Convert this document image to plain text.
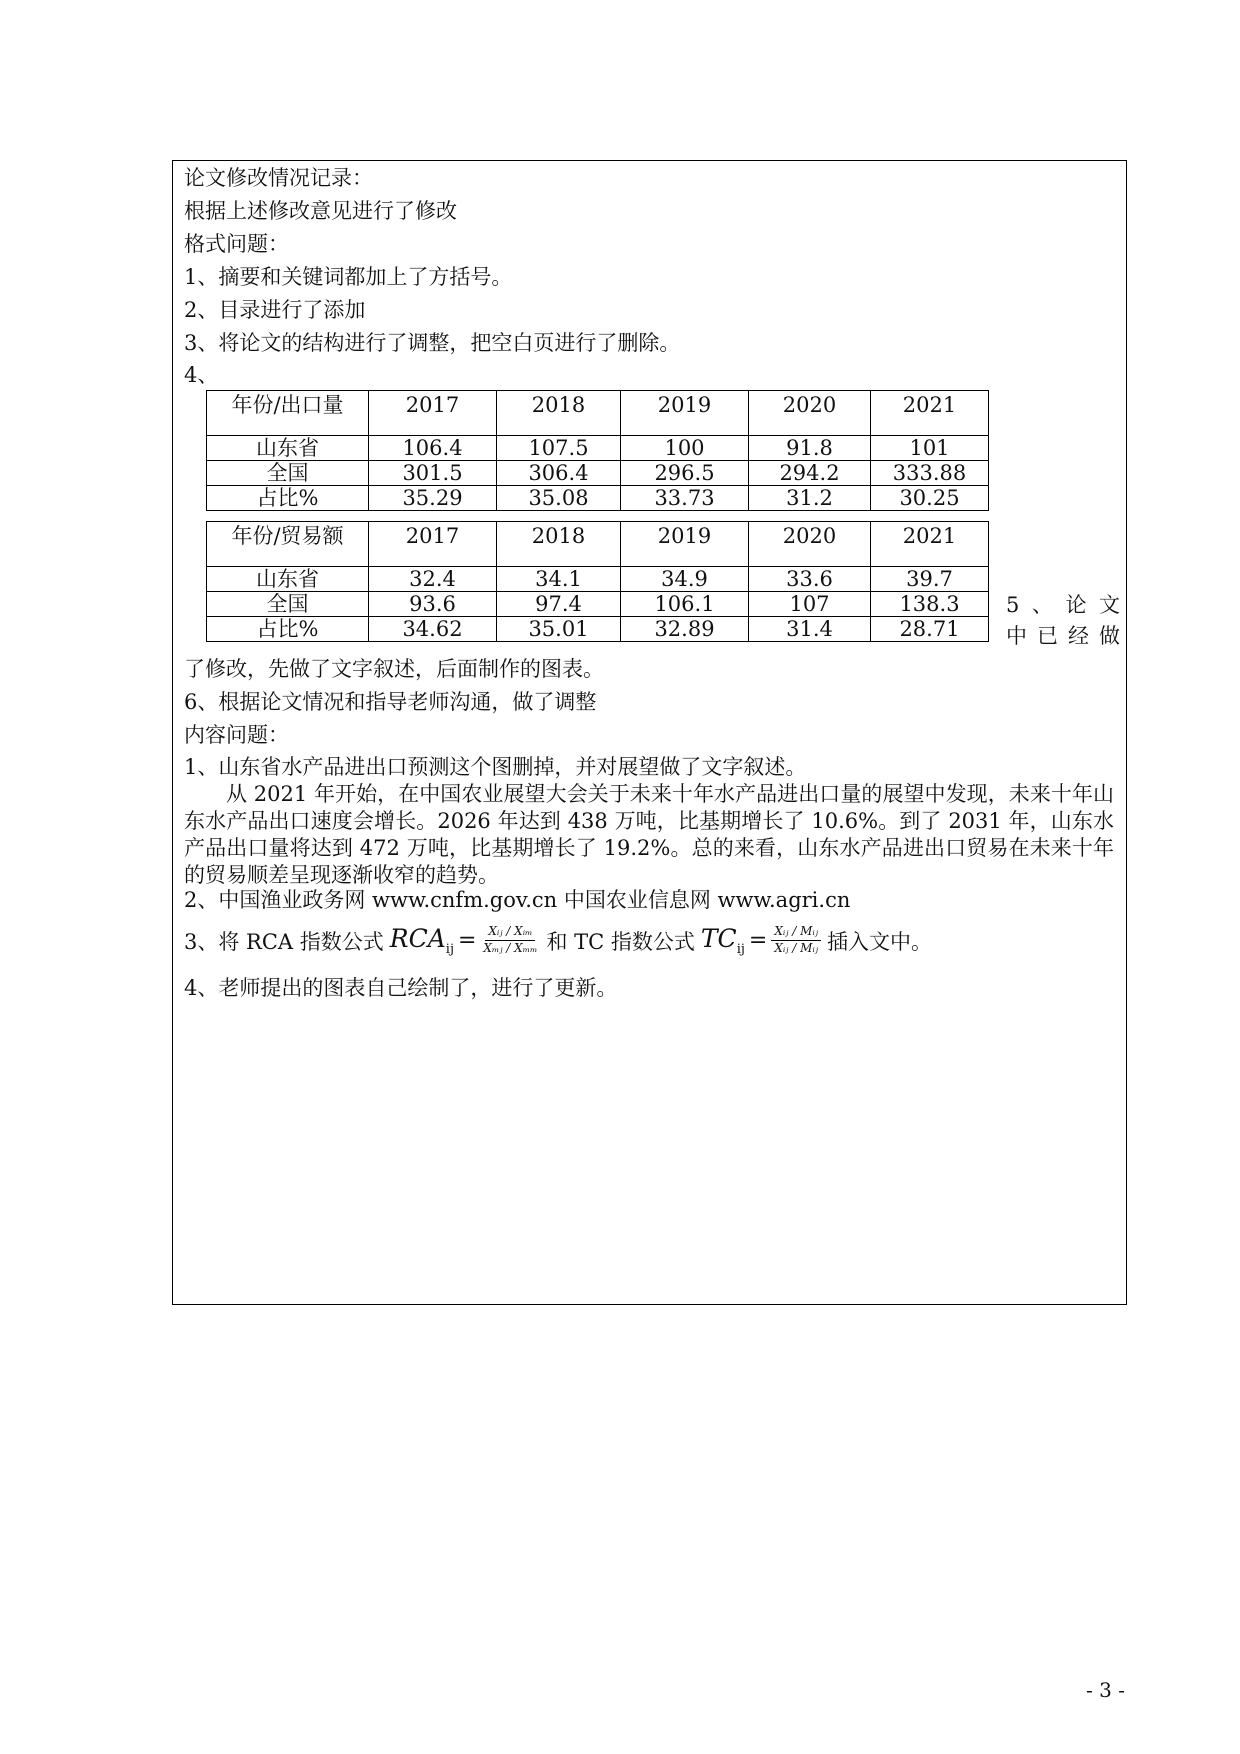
论文修改情况记录：
根据上述修改意见进行了修改
格式问题：
1、摘要和关键词都加上了方括号。
2、目录进行了添加
3、将论文的结构进行了调整，把空白页进行了删除。
4、
年份/出口量	2017	2018	2019	2020	2021
山东省	106.4	107.5	100	91.8	101
全国	301.5	306.4	296.5	294.2	333.88
占比%	35.29	35.08	33.73	31.2	30.25
年份/贸易额	2017	2018	2019	2020	2021
山东省	32.4	34.1	34.9	33.6	39.7
全国	93.6	97.4	106.1	107	138.3
占比%	34.62	35.01	32.89	31.4	28.71
5、论文
中已经做
了修改，先做了文字叙述，后面制作的图表。
6、根据论文情况和指导老师沟通，做了调整
内容问题：
1、山东省水产品进出口预测这个图删掉，并对展望做了文字叙述。

从 2021 年开始，在中国农业展望大会关于未来十年水产品进出口量的展望中发现，未来十年山东水产品出口速度会增长。2026 年达到 438 万吨，比基期增长了 10.6%。到了 2031 年，山东水产品出口量将达到 472 万吨，比基期增长了 19.2%。总的来看，山东水产品进出口贸易在未来十年的贸易顺差呈现逐渐收窄的趋势。

2、中国渔业政务网 www.cnfm.gov.cn 中国农业信息网 www.agri.cn
3、将 RCA 指数公式 $RCA_{ij} = \frac{\text{Xᵢⱼ / Xᵢₘ}}{\text{Xₘⱼ / Xₘₘ}}$ 和 TC 指数公式 $TC_{ij} = \frac{\text{Xᵢⱼ / Mᵢⱼ}}{\text{Xᵢⱼ / Mᵢⱼ}}$ 插入文中。
4、老师提出的图表自己绘制了，进行了更新。
- 3 -
